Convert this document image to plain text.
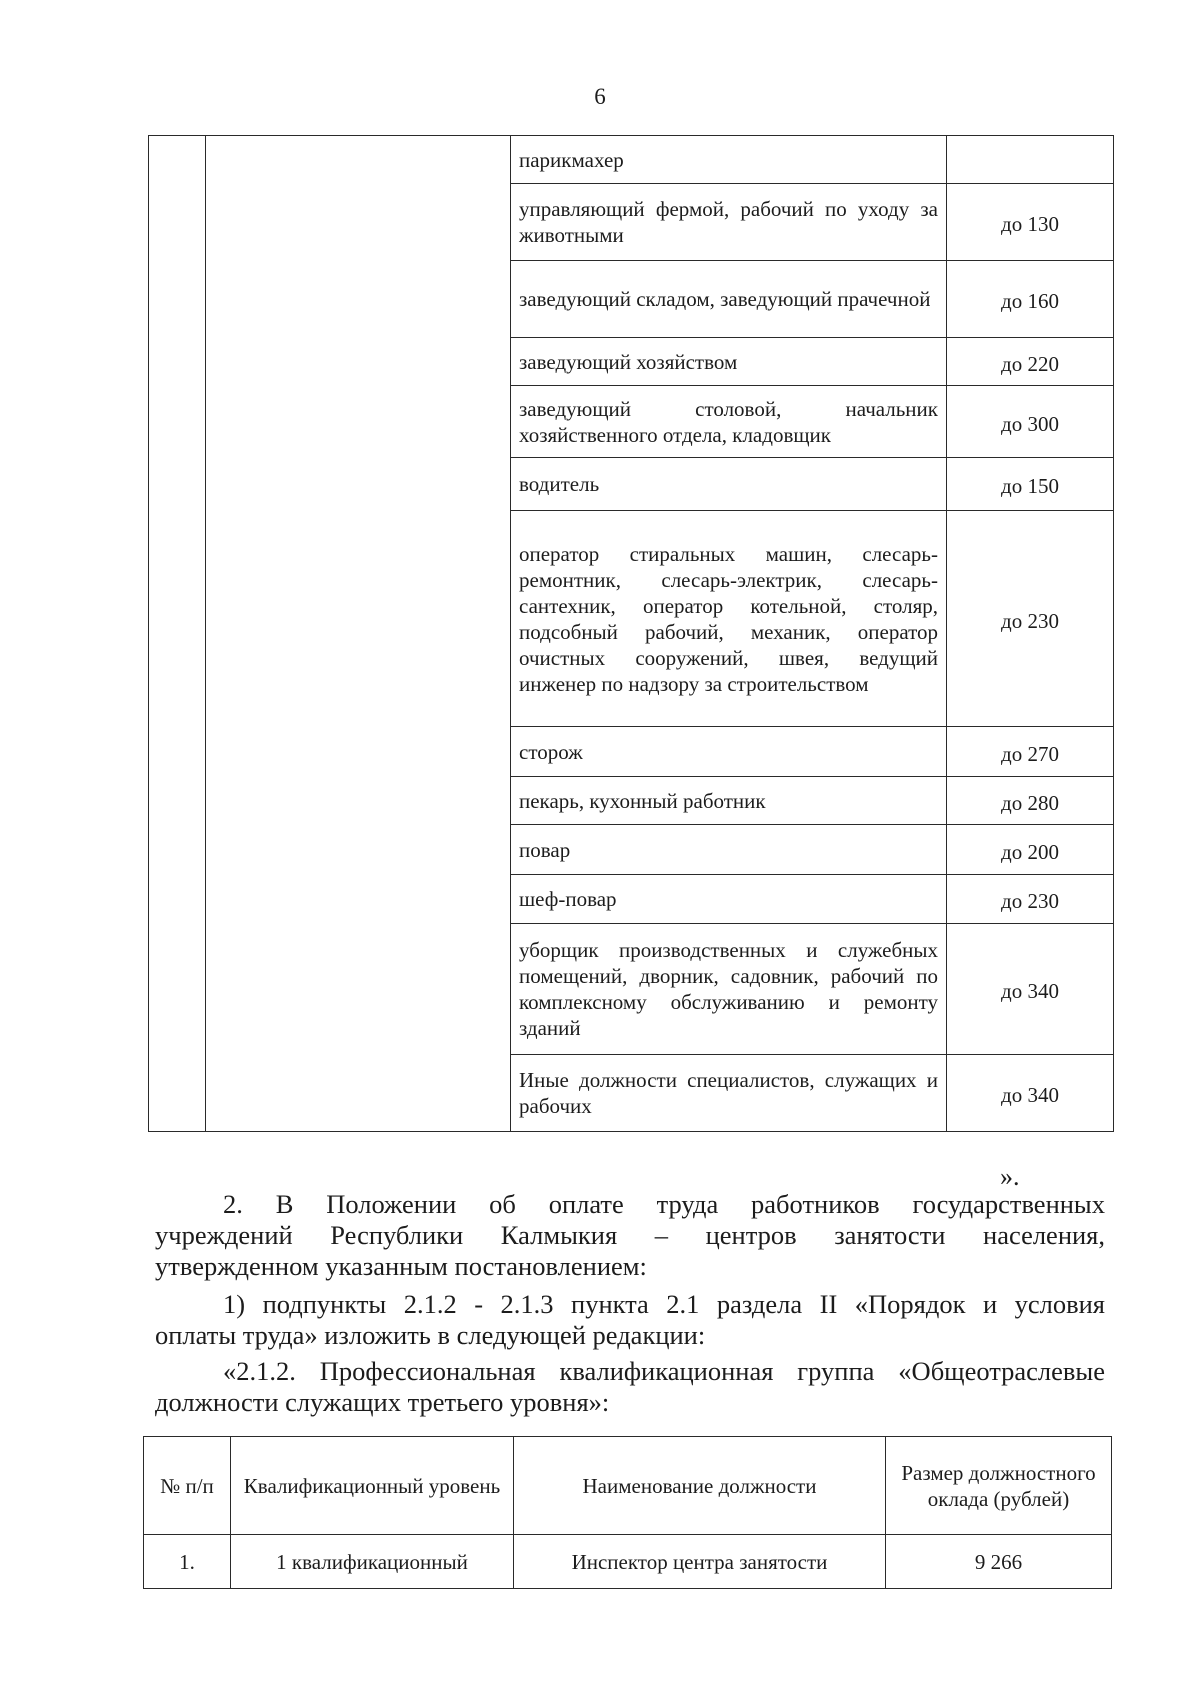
6
		парикмахер	
		управляющий фермой, рабочий по уходу за животными	до 130
		заведующий складом, заведующий прачечной	до 160
		заведующий хозяйством	до 220
		заведующий столовой, начальник хозяйственного отдела, кладовщик	до 300
		водитель	до 150
		оператор стиральных машин, слесарь-ремонтник, слесарь-электрик, слесарь-сантехник, оператор котельной, столяр, подсобный рабочий, механик, оператор очистных сооружений, швея, ведущий инженер по надзору за строительством	до 230
		сторож	до 270
		пекарь, кухонный работник	до 280
		повар	до 200
		шеф-повар	до 230
		уборщик производственных и служебных помещений, дворник, садовник, рабочий по комплексному обслуживанию и ремонту зданий	до 340
		Иные должности специалистов, служащих и рабочих	до 340
».
2. В Положении об оплате труда работников государственных
учреждений Республики Калмыкия – центров занятости населения,
утвержденном указанным постановлением:
1) подпункты 2.1.2 - 2.1.3 пункта 2.1 раздела II «Порядок и условия
оплаты труда» изложить в следующей редакции:
«2.1.2. Профессиональная квалификационная группа «Общеотраслевые
должности служащих третьего уровня»:
№ п/п	Квалификационный уровень	Наименование должности	Размер должностного оклада (рублей)
1.	1 квалификационный	Инспектор центра занятости	9 266
